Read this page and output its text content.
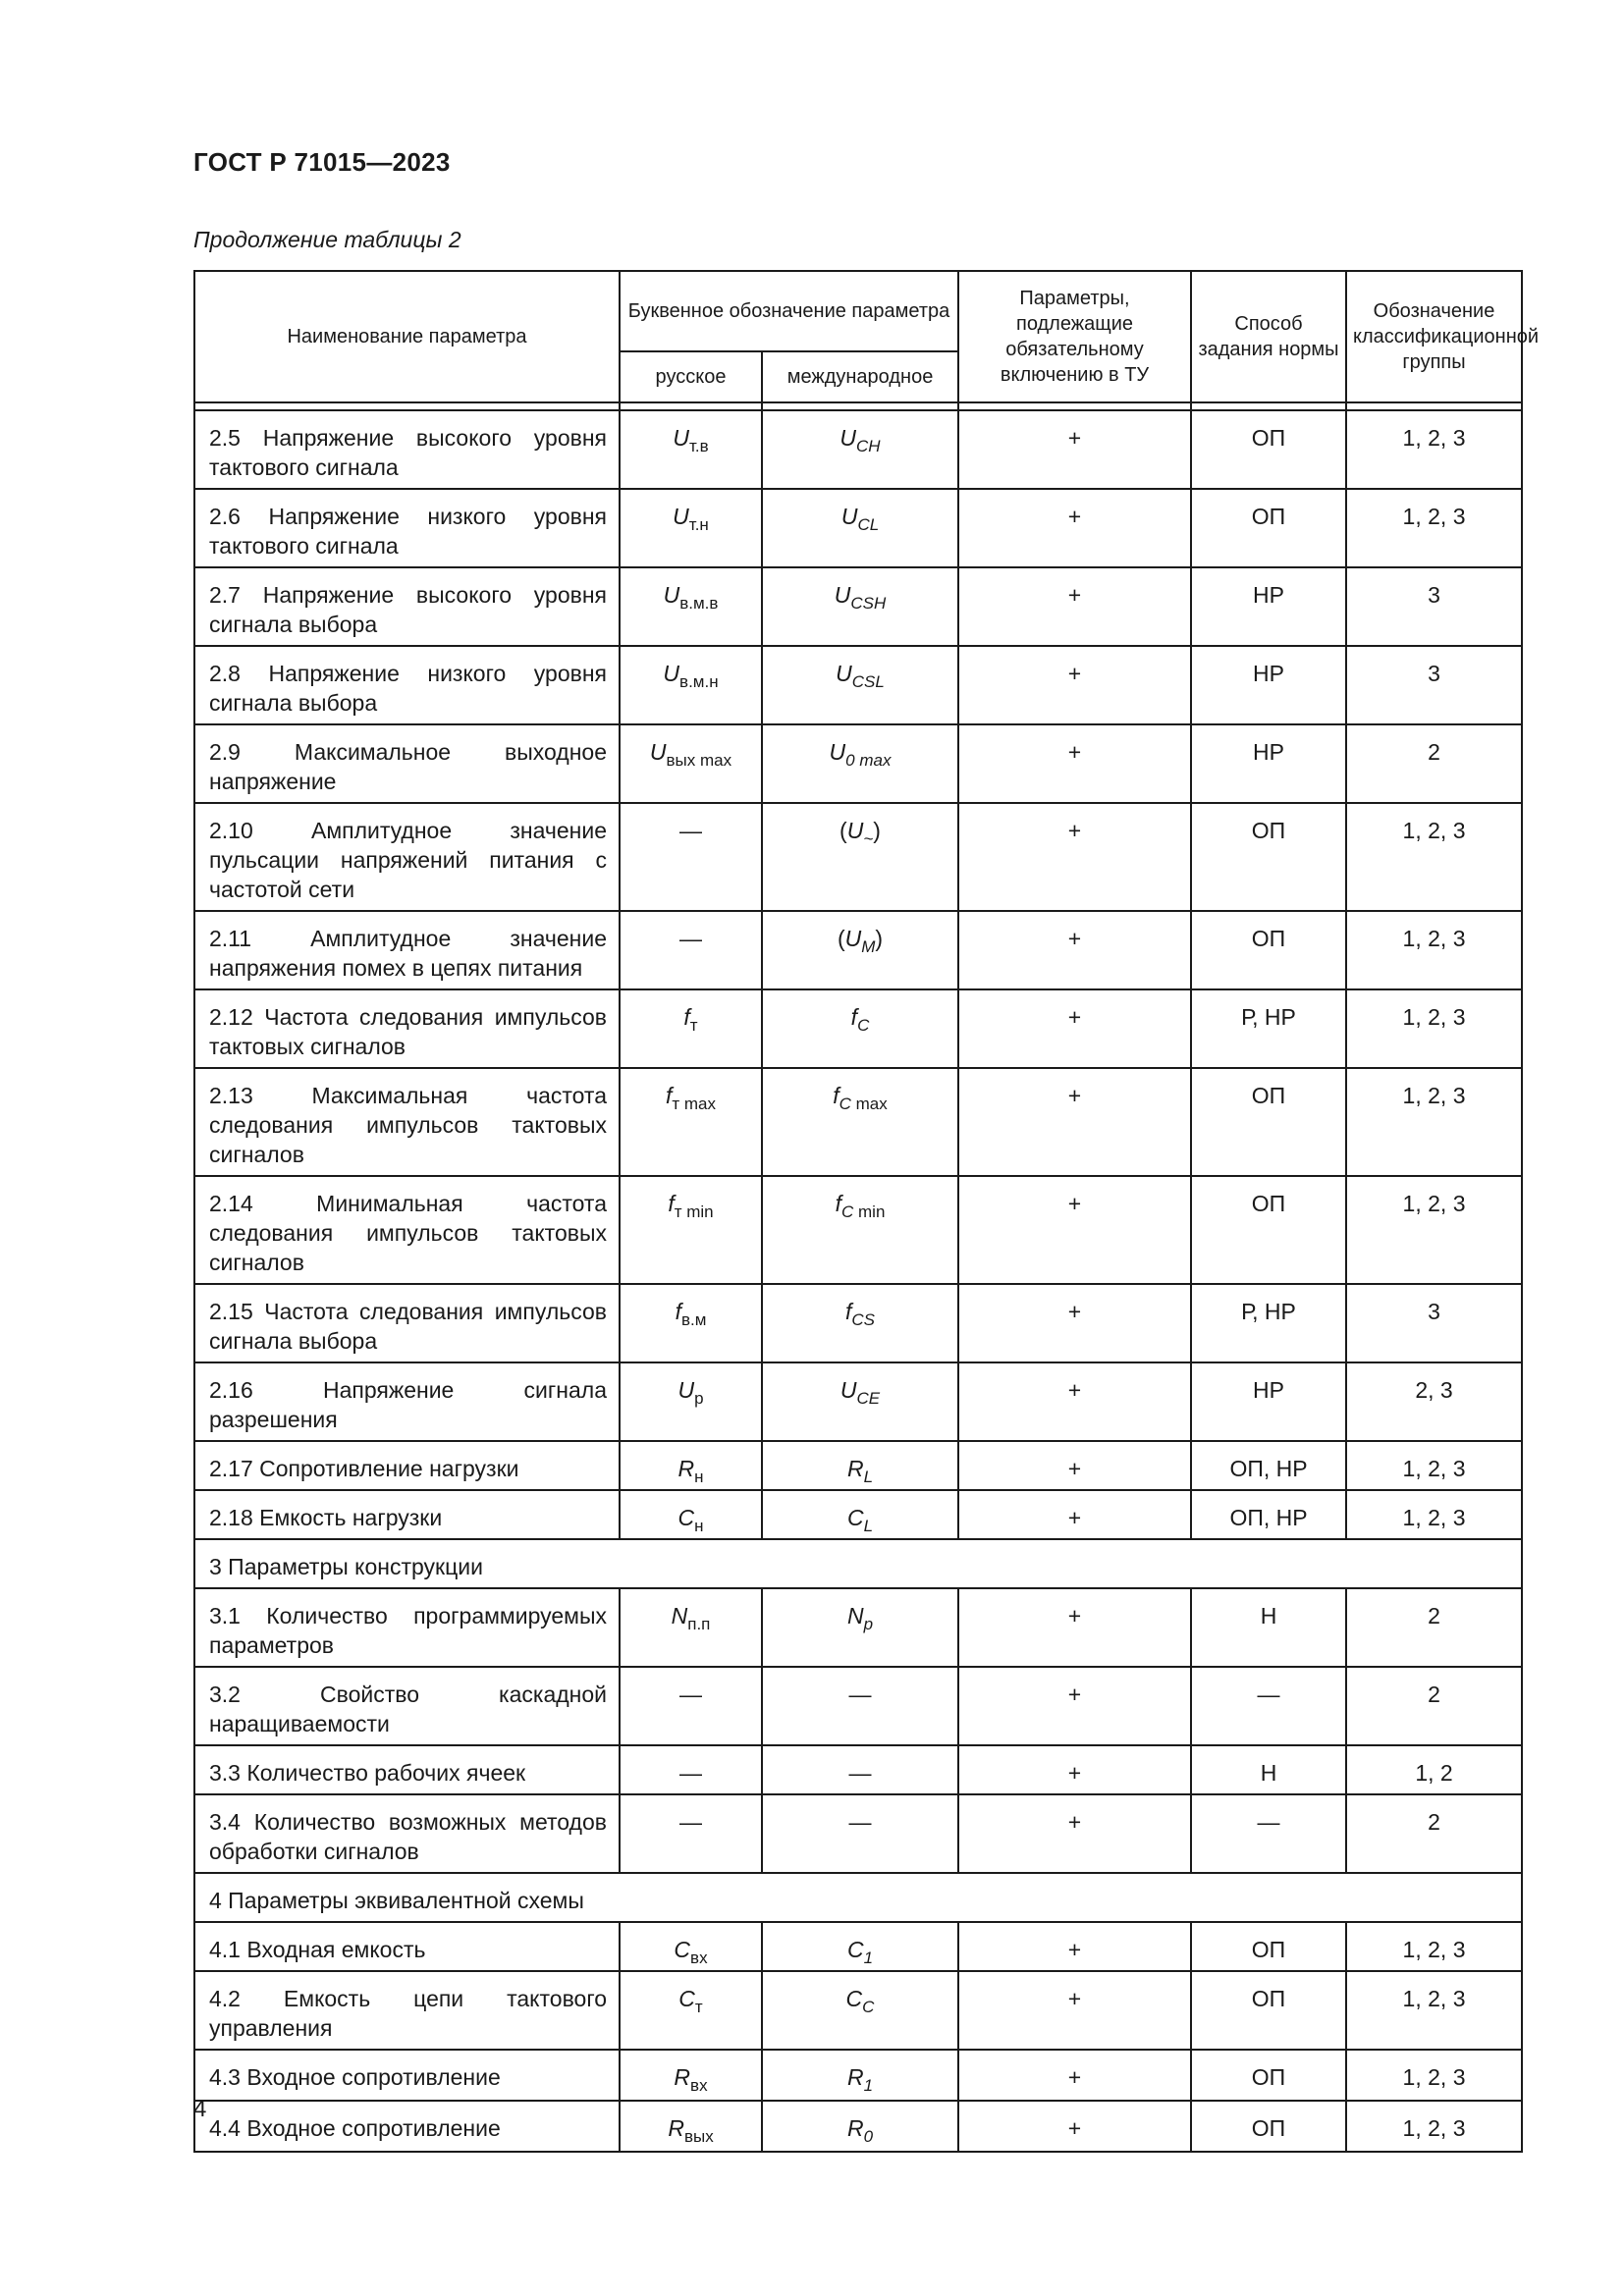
ГОСТ Р 71015—2023
Продолжение таблицы 2
Наименование параметра	Буквенное обозначение параметра		Параметры, подлежащие обязательному включению в ТУ	Способ задания нормы	Обозначение классификационной группы
	русское	международное			

2.5 Напряжение высокого уровня тактового сигнала	$U_{т.в}$	$U_{CH}$	+	ОП	1, 2, 3
2.6 Напряжение низкого уровня тактового сигнала	$U_{т.н}$	$U_{CL}$	+	ОП	1, 2, 3
2.7 Напряжение высокого уровня сигнала выбора	$U_{в.м.в}$	$U_{CSH}$	+	НР	3
2.8 Напряжение низкого уровня сигнала выбора	$U_{в.м.н}$	$U_{CSL}$	+	НР	3
2.9 Максимальное выходное напряжение	$U_{вых max}$	$U_{0 max}$	+	НР	2
2.10 Амплитудное значение пульсации напряжений питания с частотой сети	—	$(U_\sim)$	+	ОП	1, 2, 3
2.11 Амплитудное значение напряжения помех в цепях питания	—	$(U_M)$	+	ОП	1, 2, 3
2.12 Частота следования импульсов тактовых сигналов	$f_т$	$f_C$	+	Р, НР	1, 2, 3
2.13 Максимальная частота следования импульсов тактовых сигналов	$f_{т max}$	$f_{C max}$	+	ОП	1, 2, 3
2.14 Минимальная частота следования импульсов тактовых сигналов	$f_{т min}$	$f_{C min}$	+	ОП	1, 2, 3
2.15 Частота следования импульсов сигнала выбора	$f_{в.м}$	$f_{CS}$	+	Р, НР	3
2.16 Напряжение сигнала разрешения	$U_р$	$U_{CE}$	+	НР	2, 3
2.17 Сопротивление нагрузки	$R_н$	$R_L$	+	ОП, НР	1, 2, 3
2.18 Емкость нагрузки	$C_н$	$C_L$	+	ОП, НР	1, 2, 3
3 Параметры конструкции					
3.1 Количество программируемых параметров	$N_{п.п}$	$N_p$	+	Н	2
3.2 Свойство каскадной наращиваемости	—	—	+	—	2
3.3 Количество рабочих ячеек	—	—	+	Н	1, 2
3.4 Количество возможных методов обработки сигналов	—	—	+	—	2
4 Параметры эквивалентной схемы					
4.1 Входная емкость	$C_{вх}$	$C_1$	+	ОП	1, 2, 3
4.2 Емкость цепи тактового управления	$C_т$	$C_C$	+	ОП	1, 2, 3
4.3 Входное сопротивление	$R_{вх}$	$R_1$	+	ОП	1, 2, 3
4.4 Входное сопротивление	$R_{вых}$	$R_0$	+	ОП	1, 2, 3
4
